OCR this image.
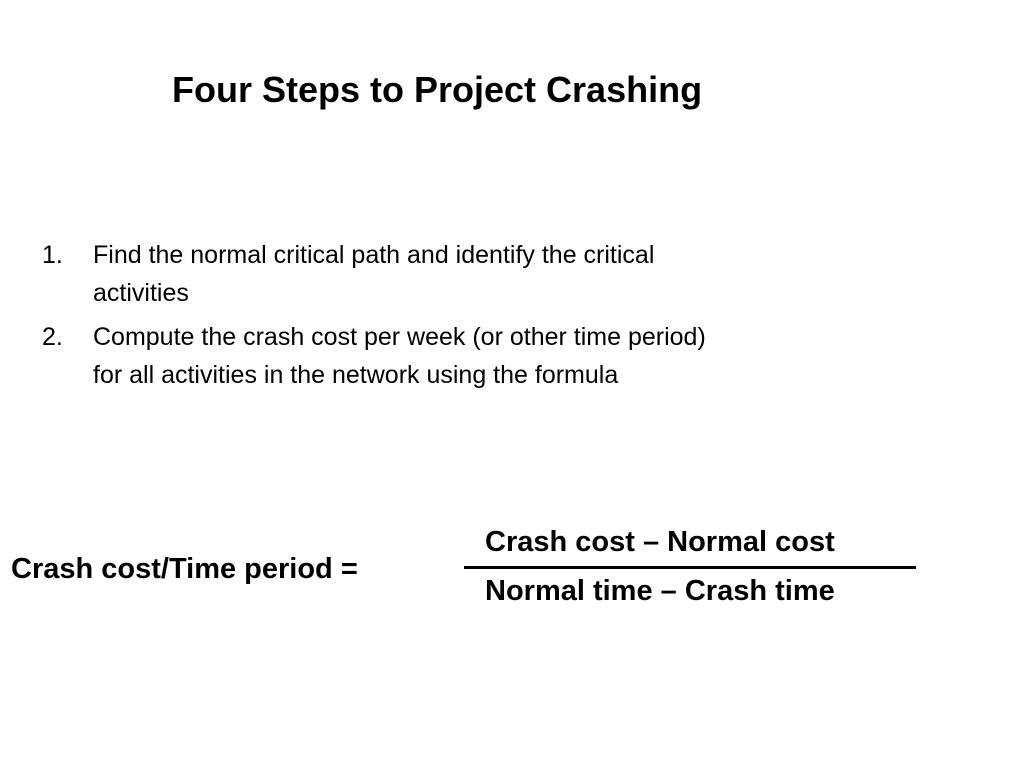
Four Steps to Project Crashing
1. Find the normal critical path and identify the critical activities
2. Compute the crash cost per week (or other time period) for all activities in the network using the formula
Crash cost/Time period =
Crash cost – Normal cost
Normal time – Crash time
